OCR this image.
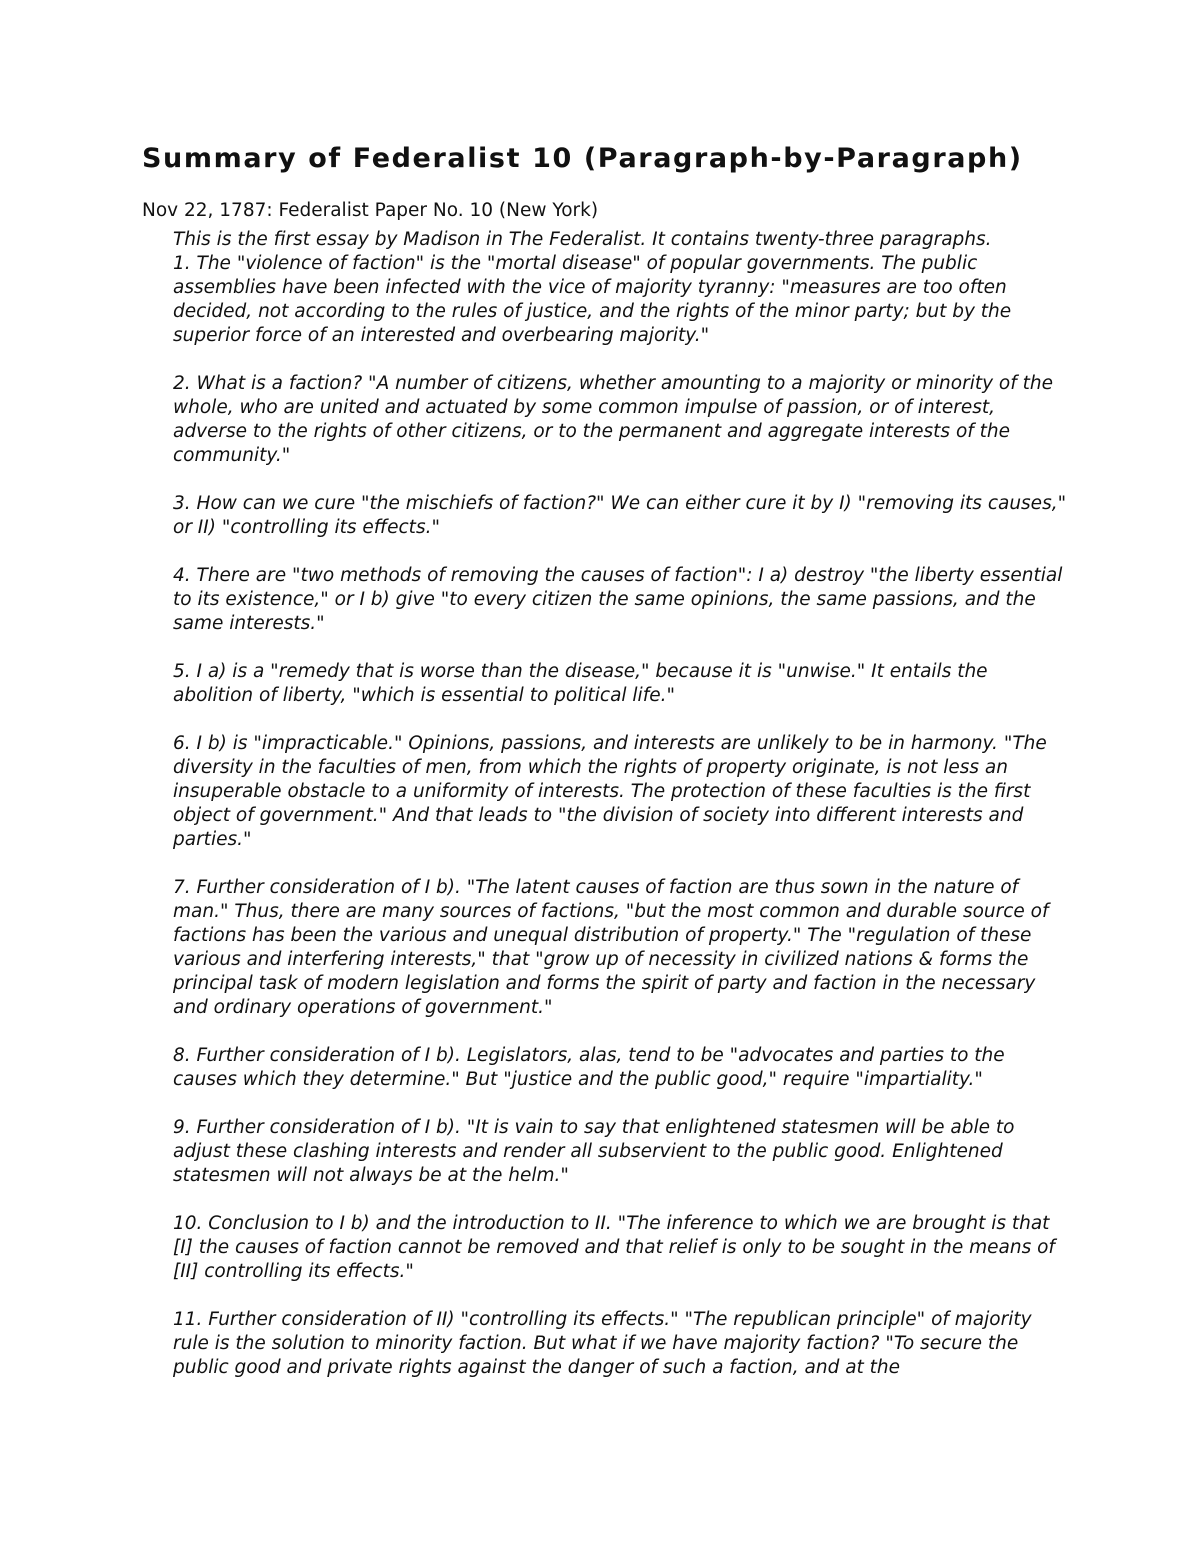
Summary of Federalist 10 (Paragraph-by-Paragraph)
Nov 22, 1787: Federalist Paper No. 10 (New York)

This is the first essay by Madison in The Federalist. It contains twenty-three paragraphs.

1. The "violence of faction" is the "mortal disease" of popular governments. The public assemblies have been infected with the vice of majority tyranny: "measures are too often decided, not according to the rules of justice, and the rights of the minor party; but by the superior force of an interested and overbearing majority."

2. What is a faction? "A number of citizens, whether amounting to a majority or minority of the whole, who are united and actuated by some common impulse of passion, or of interest, adverse to the rights of other citizens, or to the permanent and aggregate interests of the community."

3. How can we cure "the mischiefs of faction?" We can either cure it by I) "removing its causes," or II) "controlling its effects."

4. There are "two methods of removing the causes of faction": I a) destroy "the liberty essential to its existence," or I b) give "to every citizen the same opinions, the same passions, and the same interests."

5. I a) is a "remedy that is worse than the disease," because it is "unwise." It entails the abolition of liberty, "which is essential to political life."

6. I b) is "impracticable." Opinions, passions, and interests are unlikely to be in harmony. "The diversity in the faculties of men, from which the rights of property originate, is not less an insuperable obstacle to a uniformity of interests. The protection of these faculties is the first object of government." And that leads to "the division of society into different interests and parties."

7. Further consideration of I b). "The latent causes of faction are thus sown in the nature of man." Thus, there are many sources of factions, "but the most common and durable source of factions has been the various and unequal distribution of property." The "regulation of these various and interfering interests," that "grow up of necessity in civilized nations & forms the principal task of modern legislation and forms the spirit of party and faction in the necessary and ordinary operations of government."

8. Further consideration of I b). Legislators, alas, tend to be "advocates and parties to the causes which they determine." But "justice and the public good," require "impartiality."

9. Further consideration of I b). "It is vain to say that enlightened statesmen will be able to adjust these clashing interests and render all subservient to the public good. Enlightened statesmen will not always be at the helm."

10. Conclusion to I b) and the introduction to II. "The inference to which we are brought is that [I] the causes of faction cannot be removed and that relief is only to be sought in the means of [II] controlling its effects."

11. Further consideration of II) "controlling its effects." "The republican principle" of majority rule is the solution to minority faction. But what if we have majority faction? "To secure the public good and private rights against the danger of such a faction, and at the
